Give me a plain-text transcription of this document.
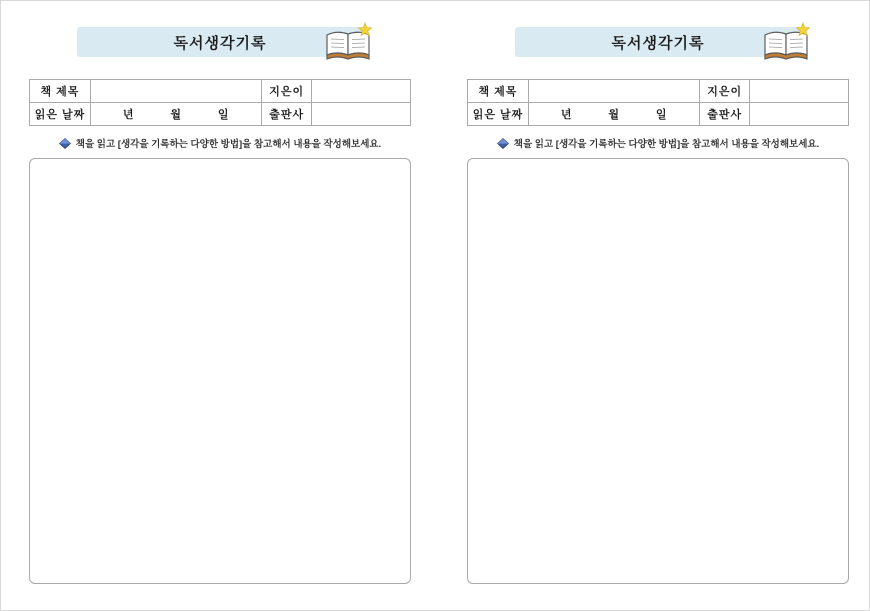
독서생각기록
책 제목		지은이	
읽은 날짜	년 월 일	출판사	
책을 읽고 [생각을 기록하는 다양한 방법]을 참고해서 내용을 작성해보세요.
독서생각기록
책 제목		지은이	
읽은 날짜	년 월 일	출판사	
책을 읽고 [생각을 기록하는 다양한 방법]을 참고해서 내용을 작성해보세요.
